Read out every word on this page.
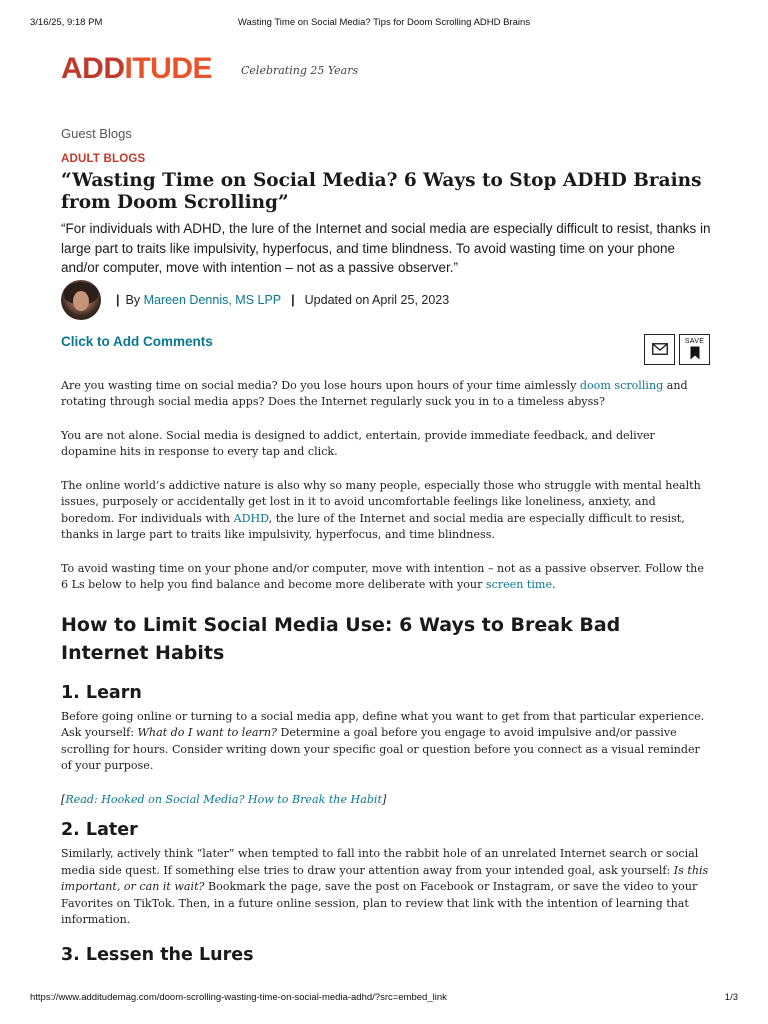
3/16/25, 9:18 PM	Wasting Time on Social Media? Tips for Doom Scrolling ADHD Brains
ADDITUDE	Celebrating 25 Years
Guest Blogs
ADULT BLOGS
“Wasting Time on Social Media? 6 Ways to Stop ADHD Brains from Doom Scrolling”

“For individuals with ADHD, the lure of the Internet and social media are especially difficult to resist, thanks in large part to traits like impulsivity, hyperfocus, and time blindness. To avoid wasting time on your phone and/or computer, move with intention – not as a passive observer.”

| By
Mareen Dennis, MS LPP | Updated on April 25, 2023
Click to Add Comments	SAVE

Are you wasting time on social media? Do you lose hours upon hours of your time aimlessly doom scrolling and rotating through social media apps? Does the Internet regularly suck you in to a timeless abyss?

You are not alone. Social media is designed to addict, entertain, provide immediate feedback, and deliver dopamine hits in response to every tap and click.

The online world’s addictive nature is also why so many people, especially those who struggle with mental health issues, purposely or accidentally get lost in it to avoid uncomfortable feelings like loneliness, anxiety, and boredom. For individuals with ADHD, the lure of the Internet and social media are especially difficult to resist, thanks in large part to traits like impulsivity, hyperfocus, and time blindness.

To avoid wasting time on your phone and/or computer, move with intention – not as a passive observer. Follow the 6 Ls below to help you find balance and become more deliberate with your screen time.

How to Limit Social Media Use: 6 Ways to Break Bad Internet Habits
1. Learn

Before going online or turning to a social media app, define what you want to get from that particular experience. Ask yourself: What do I want to learn? Determine a goal before you engage to avoid impulsive and/or passive scrolling for hours. Consider writing down your specific goal or question before you connect as a visual reminder of your purpose.

[Read: Hooked on Social Media? How to Break the Habit]

2. Later

Similarly, actively think “later” when tempted to fall into the rabbit hole of an unrelated Internet search or social media side quest. If something else tries to draw your attention away from your intended goal, ask yourself: Is this important, or can it wait? Bookmark the page, save the post on Facebook or Instagram, or save the video to your Favorites on TikTok. Then, in a future online session, plan to review that link with the intention of learning that information.

3. Lessen the Lures
https://www.additudemag.com/doom-scrolling-wasting-time-on-social-media-adhd/?src=embed_link	1/3
